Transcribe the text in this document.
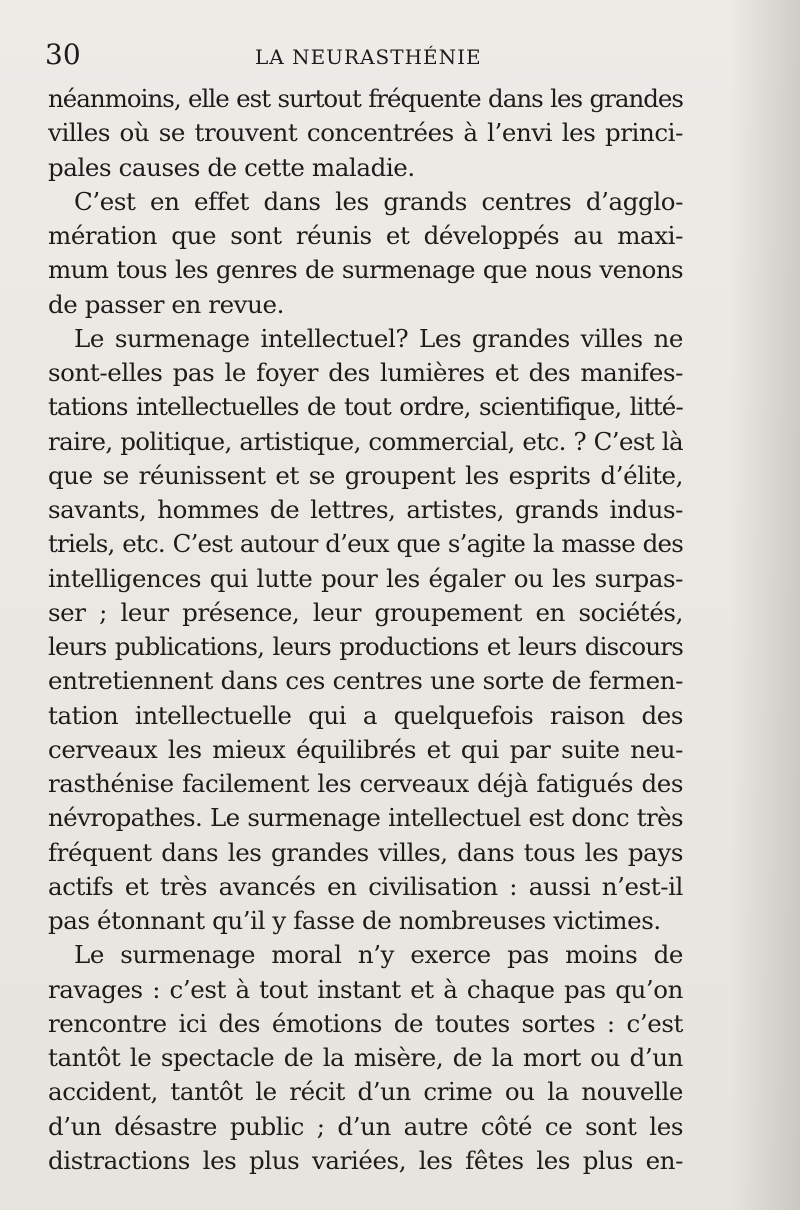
30	LA NEURASTHÉNIE
néanmoins, elle est surtout fréquente dans les grandes
villes où se trouvent concentrées à l’envi les princi-
pales causes de cette maladie.
C’est en effet dans les grands centres d’agglo-
mération que sont réunis et développés au maxi-
mum tous les genres de surmenage que nous venons
de passer en revue.
Le surmenage intellectuel? Les grandes villes ne
sont-elles pas le foyer des lumières et des manifes-
tations intellectuelles de tout ordre, scientifique, litté-
raire, politique, artistique, commercial, etc. ? C’est là
que se réunissent et se groupent les esprits d’élite,
savants, hommes de lettres, artistes, grands indus-
triels, etc. C’est autour d’eux que s’agite la masse des
intelligences qui lutte pour les égaler ou les surpas-
ser ; leur présence, leur groupement en sociétés,
leurs publications, leurs productions et leurs discours
entretiennent dans ces centres une sorte de fermen-
tation intellectuelle qui a quelquefois raison des
cerveaux les mieux équilibrés et qui par suite neu-
rasthénise facilement les cerveaux déjà fatigués des
névropathes. Le surmenage intellectuel est donc très
fréquent dans les grandes villes, dans tous les pays
actifs et très avancés en civilisation : aussi n’est-il
pas étonnant qu’il y fasse de nombreuses victimes.
Le surmenage moral n’y exerce pas moins de
ravages : c’est à tout instant et à chaque pas qu’on
rencontre ici des émotions de toutes sortes : c’est
tantôt le spectacle de la misère, de la mort ou d’un
accident, tantôt le récit d’un crime ou la nouvelle
d’un désastre public ; d’un autre côté ce sont les
distractions les plus variées, les fêtes les plus en-
